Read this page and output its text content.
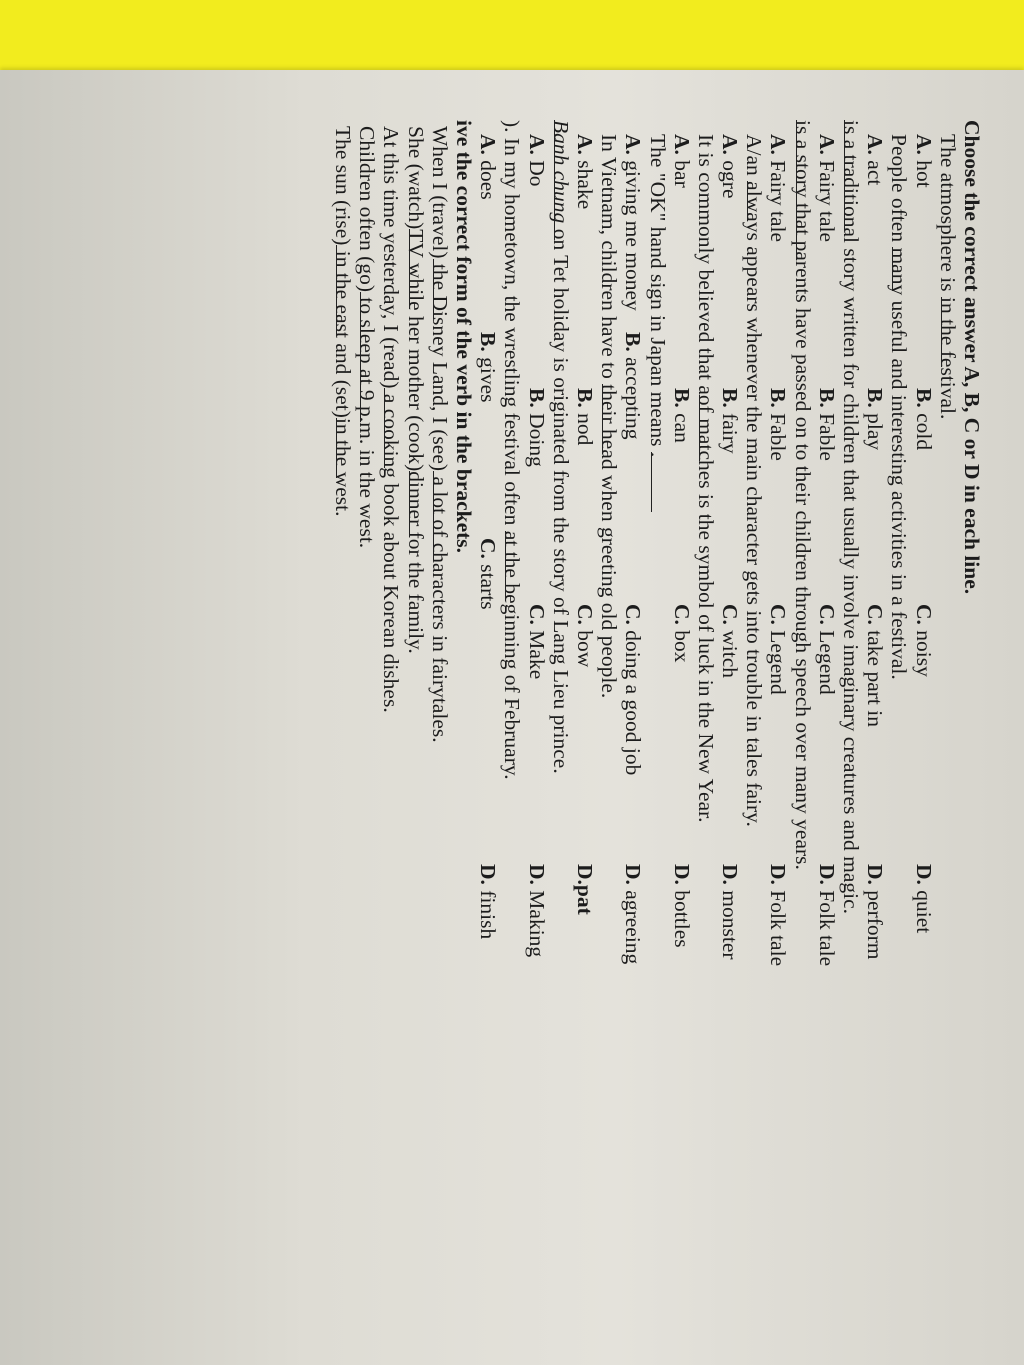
Choose the correct answer A, B, C or D in each line.
The atmosphere is
in the festival.
A. hot
B. cold
C. noisy
D. quiet
People often
many useful and interesting activities in a festival.
A. act
B. play
C. take part in
D. perform
is a traditional story written for children that usually involve imaginary creatures and magic.
A. Fairy tale
B. Fable
C. Legend
D. Folk tale
is a story that parents have passed on to their children through speech over many years.
A. Fairy tale
B. Fable
C. Legend
D. Folk tale
A/an
always appears whenever the main character gets into trouble in tales fairy.
A. ogre
B. fairy
C. witch
D. monster
It is commonly believed that a
of matches is the symbol of luck in the New Year.
A. bar
B. can
C. box
D. bottles
The "OK" hand sign in Japan means
.
A. giving me money
B. accepting
C. doing a good job
D. agreeing
In Vietnam, children have to
their head when greeting old people.
A. shake
B. nod
C. bow
D.pat
Banh chung on Tet holiday is originated from the story of Lang Lieu prince.
A. Do
B. Doing
C. Make
D. Making
). In my hometown, the wrestling festival often
at the beginning of February.
A. does
B. gives
C. starts
D. finish
ive the correct form of the verb in the brackets.
When I (travel)
the Disney Land, I (see)
a lot of characters in fairytales.
She (watch)
TV while her mother (cook)
dinner for the family.
At this time yesterday, I (read)
a cooking book about Korean dishes.
Children often (go)
to sleep at 9 p.m. in the west.
The sun (rise)
in the east and (set)
in the west.
